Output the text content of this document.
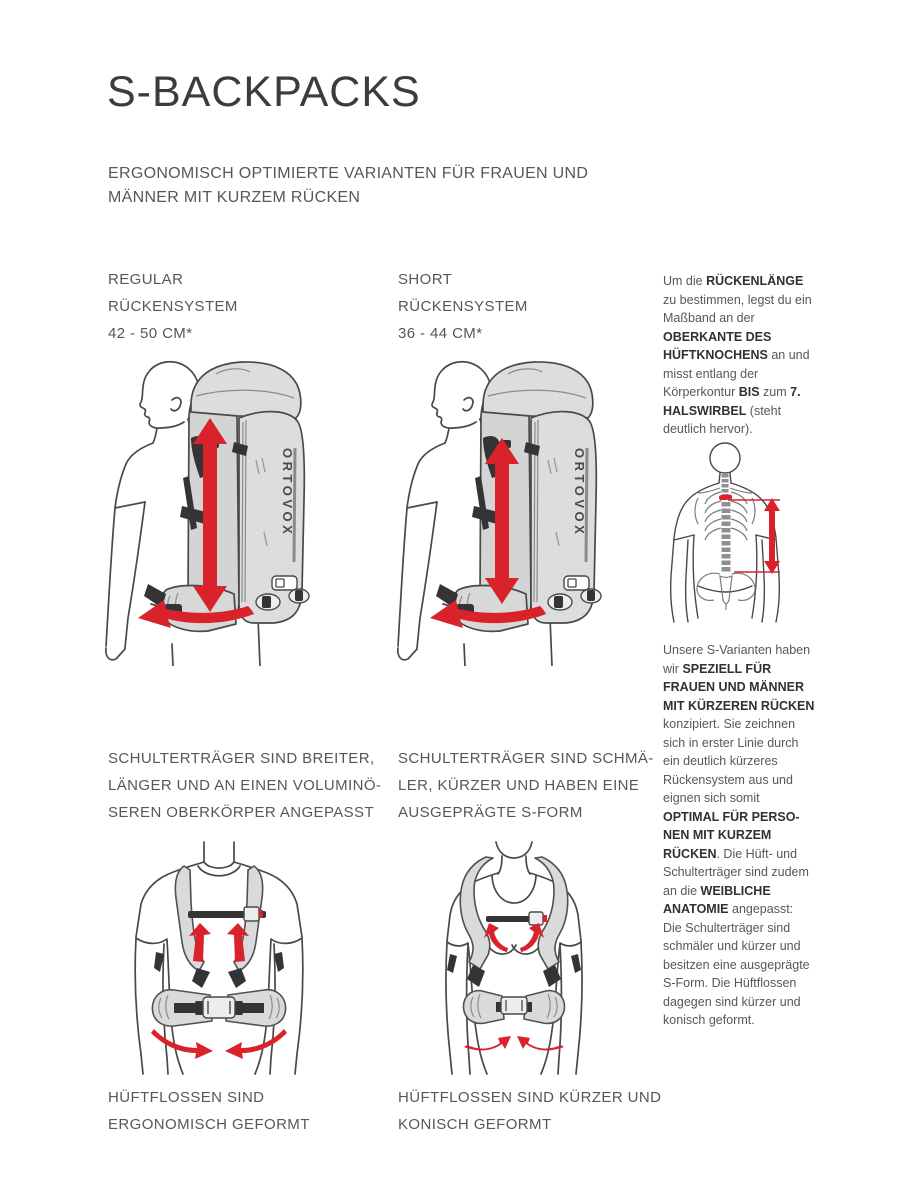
S-BACKPACKS
ERGONOMISCH OPTIMIERTE VARIANTEN FÜR FRAUEN UND
MÄNNER MIT KURZEM RÜCKEN
REGULAR
RÜCKENSYSTEM
42 - 50 CM*
SHORT
RÜCKENSYSTEM
36 - 44 CM*
Um die RÜCKENLÄNGE zu bestimmen, legst du ein Maßband an der OBERKANTE DES HÜFTKNOCHENS an und misst entlang der Körperkontur BIS zum 7. HALSWIRBEL (steht deutlich hervor).
Unsere S-Varianten haben wir SPEZIELL FÜR FRAUEN UND MÄNNER MIT KÜRZEREN RÜCKEN konzipiert. Sie zeichnen sich in erster Linie durch ein deutlich kürzeres Rückensystem aus und eignen sich somit OPTIMAL FÜR PERSONEN MIT KURZEM RÜCKEN. Die Hüft- und Schulterträger sind zudem an die WEIBLICHE ANATOMIE angepasst: Die Schulterträger sind schmäler und kürzer und besitzen eine ausgeprägte S-Form. Die Hüftflossen dagegen sind kürzer und konisch geformt.
SCHULTERTRÄGER SIND BREITER,
LÄNGER UND AN EINEN VOLUMINÖ-
SEREN OBERKÖRPER ANGEPASST
SCHULTERTRÄGER SIND SCHMÄ-
LER, KÜRZER UND HABEN EINE
AUSGEPRÄGTE S-FORM
HÜFTFLOSSEN SIND
ERGONOMISCH GEFORMT
HÜFTFLOSSEN SIND KÜRZER UND
KONISCH GEFORMT
